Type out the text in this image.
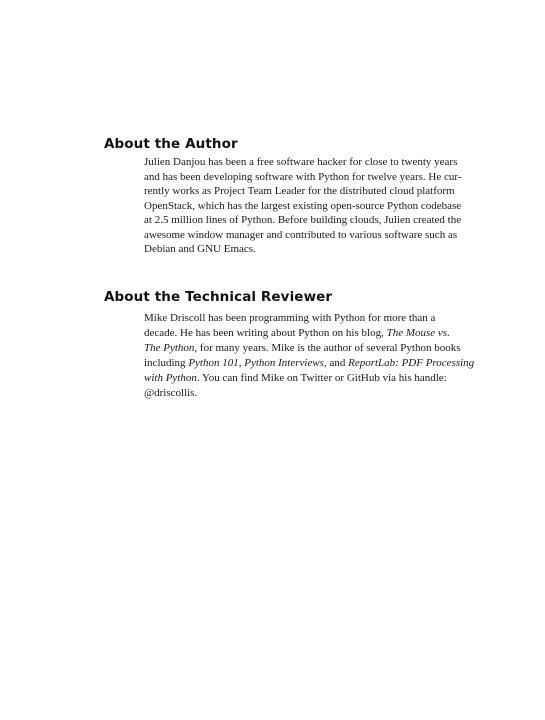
About the Author

Julien Danjou has been a free software hacker for close to twenty years
and has been developing software with Python for twelve years. He cur-
rently works as Project Team Leader for the distributed cloud platform
OpenStack, which has the largest existing open-source Python codebase
at 2.5 million lines of Python. Before building clouds, Julien created the
awesome window manager and contributed to various software such as
Debian and GNU Emacs.

About the Technical Reviewer

Mike Driscoll has been programming with Python for more than a
decade. He has been writing about Python on his blog, The Mouse vs.
The Python, for many years. Mike is the author of several Python books
including Python 101, Python Interviews, and ReportLab: PDF Processing
with Python. You can find Mike on Twitter or GitHub via his handle:
@driscollis.
